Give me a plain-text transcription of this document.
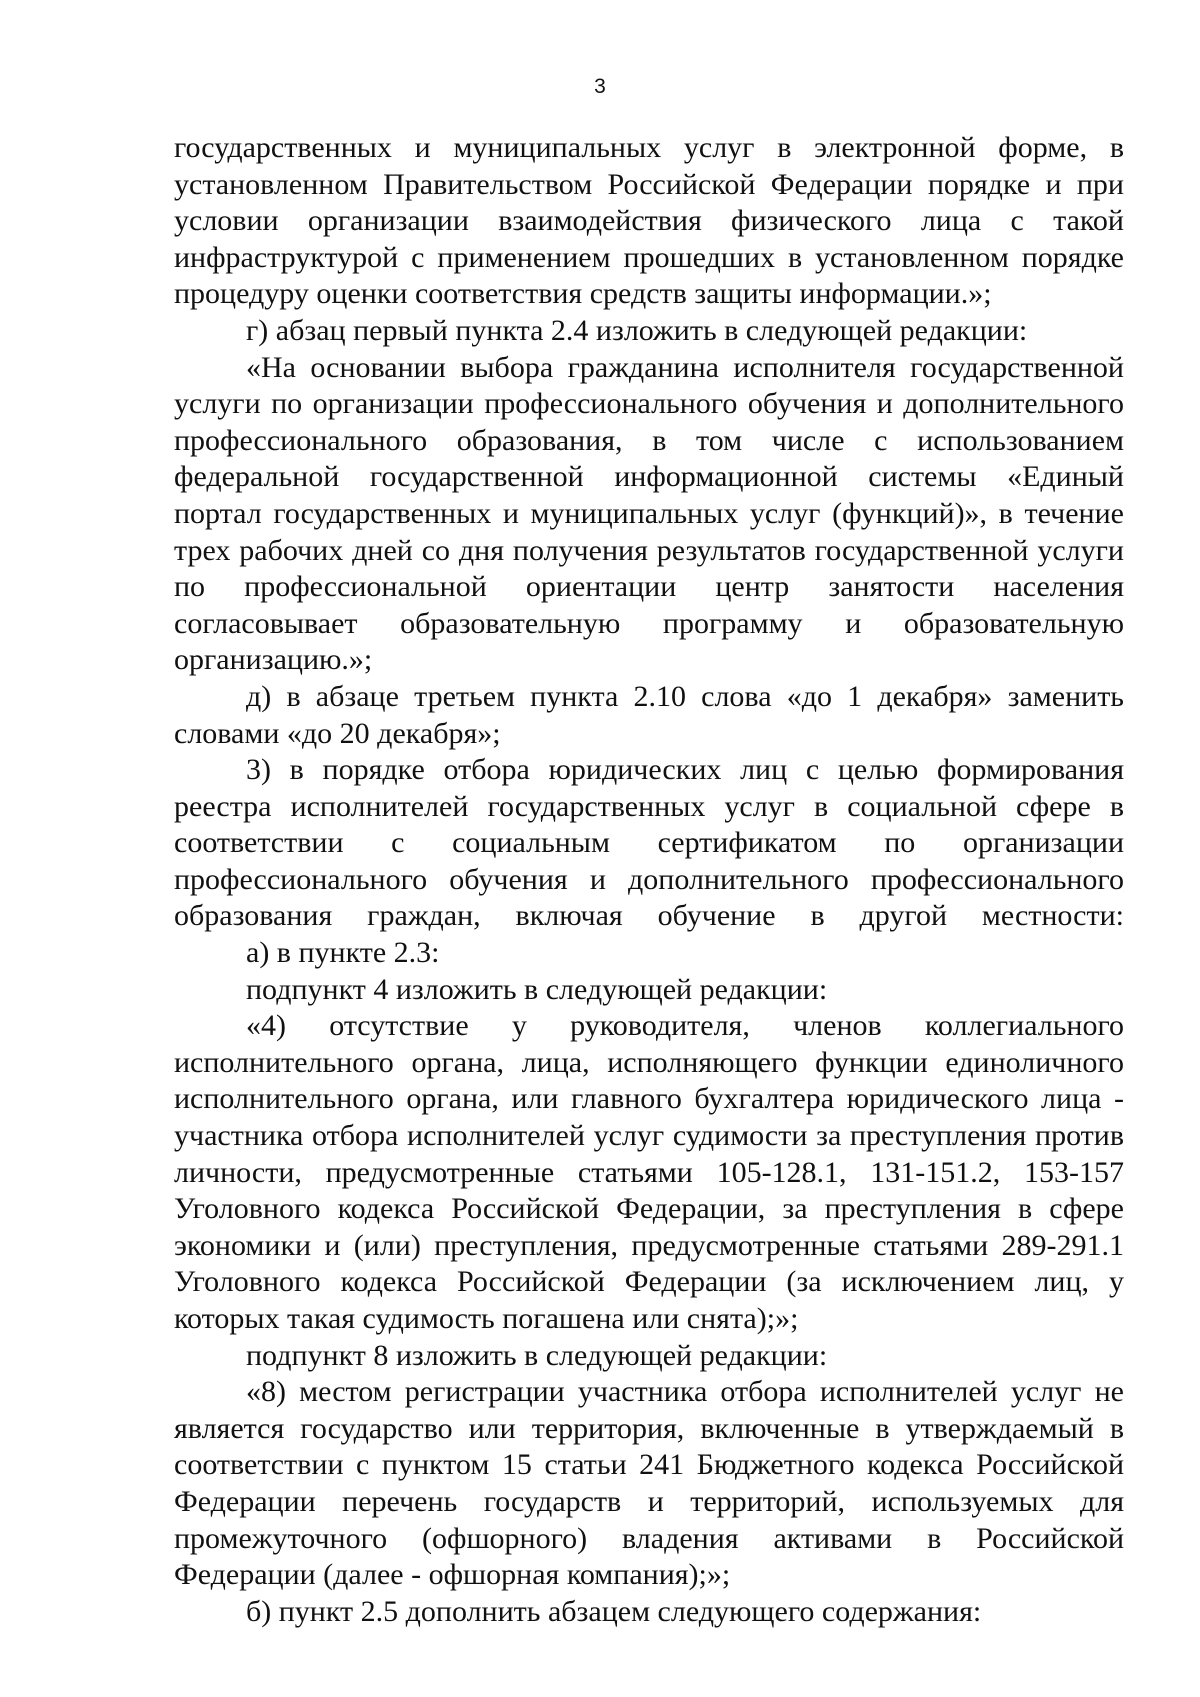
3

государственных и муниципальных услуг в электронной форме, в установленном Правительством Российской Федерации порядке и при условии организации взаимодействия физического лица с такой инфраструктурой с применением прошедших в установленном порядке процедуру оценки соответствия средств защиты информации.»;

г) абзац первый пункта 2.4 изложить в следующей редакции:

«На основании выбора гражданина исполнителя государственной услуги по организации профессионального обучения и дополнительного профессионального образования, в том числе с использованием федеральной государственной информационной системы «Единый портал государственных и муниципальных услуг (функций)», в течение трех рабочих дней со дня получения результатов государственной услуги по профессиональной ориентации центр занятости населения согласовывает образовательную программу и образовательную организацию.»;

д) в абзаце третьем пункта 2.10 слова «до 1 декабря» заменить словами «до 20 декабря»;

3) в порядке отбора юридических лиц с целью формирования реестра исполнителей государственных услуг в социальной сфере в соответствии с социальным сертификатом по организации профессионального обучения и дополнительного профессионального образования граждан, включая обучение в другой местности:

а) в пункте 2.3:

подпункт 4 изложить в следующей редакции:

«4) отсутствие у руководителя, членов коллегиального исполнительного органа, лица, исполняющего функции единоличного исполнительного органа, или главного бухгалтера юридического лица - участника отбора исполнителей услуг судимости за преступления против личности, предусмотренные статьями 105-128.1, 131-151.2, 153-157 Уголовного кодекса Российской Федерации, за преступления в сфере экономики и (или) преступления, предусмотренные статьями 289-291.1 Уголовного кодекса Российской Федерации (за исключением лиц, у которых такая судимость погашена или снята);»;

подпункт 8 изложить в следующей редакции:

«8) местом регистрации участника отбора исполнителей услуг не является государство или территория, включенные в утверждаемый в соответствии с пунктом 15 статьи 241 Бюджетного кодекса Российской Федерации перечень государств и территорий, используемых для промежуточного (офшорного) владения активами в Российской Федерации (далее - офшорная компания);»;

б) пункт 2.5 дополнить абзацем следующего содержания:
